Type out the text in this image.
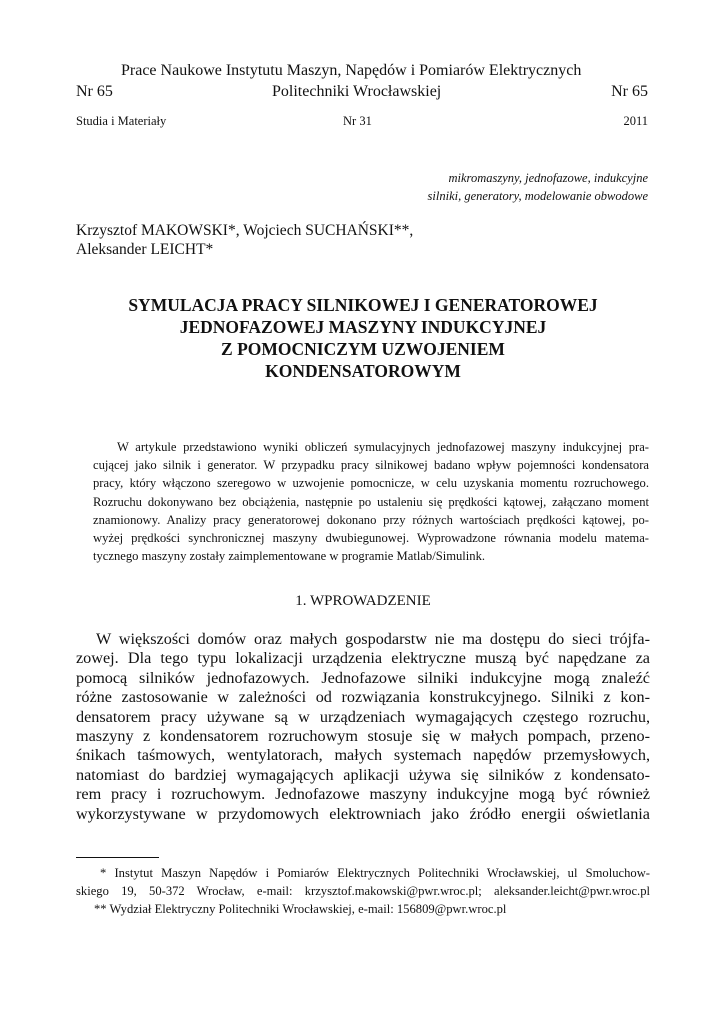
Prace Naukowe Instytutu Maszyn, Napędów i Pomiarów Elektrycznych
Nr 65	Politechniki Wrocławskiej	Nr 65
Studia i Materiały	Nr 31	2011
mikromaszyny, jednofazowe, indukcyjne
silniki, generatory, modelowanie obwodowe
Krzysztof MAKOWSKI*, Wojciech SUCHAŃSKI**,
Aleksander LEICHT*
SYMULACJA PRACY SILNIKOWEJ I GENERATOROWEJ
JEDNOFAZOWEJ MASZYNY INDUKCYJNEJ
Z POMOCNICZYM UZWOJENIEM
KONDENSATOROWYM
W artykule przedstawiono wyniki obliczeń symulacyjnych jednofazowej maszyny indukcyjnej pra-
cującej jako silnik i generator. W przypadku pracy silnikowej badano wpływ pojemności kondensatora
pracy, który włączono szeregowo w uzwojenie pomocnicze, w celu uzyskania momentu rozruchowego.
Rozruchu dokonywano bez obciążenia, następnie po ustaleniu się prędkości kątowej, załączano moment
znamionowy. Analizy pracy generatorowej dokonano przy różnych wartościach prędkości kątowej, po-
wyżej prędkości synchronicznej maszyny dwubiegunowej. Wyprowadzone równania modelu matema-
tycznego maszyny zostały zaimplementowane w programie Matlab/Simulink.
1. WPROWADZENIE
W większości domów oraz małych gospodarstw nie ma dostępu do sieci trójfa-
zowej. Dla tego typu lokalizacji urządzenia elektryczne muszą być napędzane za
pomocą silników jednofazowych. Jednofazowe silniki indukcyjne mogą znaleźć
różne zastosowanie w zależności od rozwiązania konstrukcyjnego. Silniki z kon-
densatorem pracy używane są w urządzeniach wymagających częstego rozruchu,
maszyny z kondensatorem rozruchowym stosuje się w małych pompach, przeno-
śnikach taśmowych, wentylatorach, małych systemach napędów przemysłowych,
natomiast do bardziej wymagających aplikacji używa się silników z kondensato-
rem pracy i rozruchowym. Jednofazowe maszyny indukcyjne mogą być również
wykorzystywane w przydomowych elektrowniach jako źródło energii oświetlania
* Instytut Maszyn Napędów i Pomiarów Elektrycznych Politechniki Wrocławskiej, ul Smoluchow-
skiego 19, 50-372 Wrocław, e-mail: krzysztof.makowski@pwr.wroc.pl; aleksander.leicht@pwr.wroc.pl
** Wydział Elektryczny Politechniki Wrocławskiej, e-mail: 156809@pwr.wroc.pl
